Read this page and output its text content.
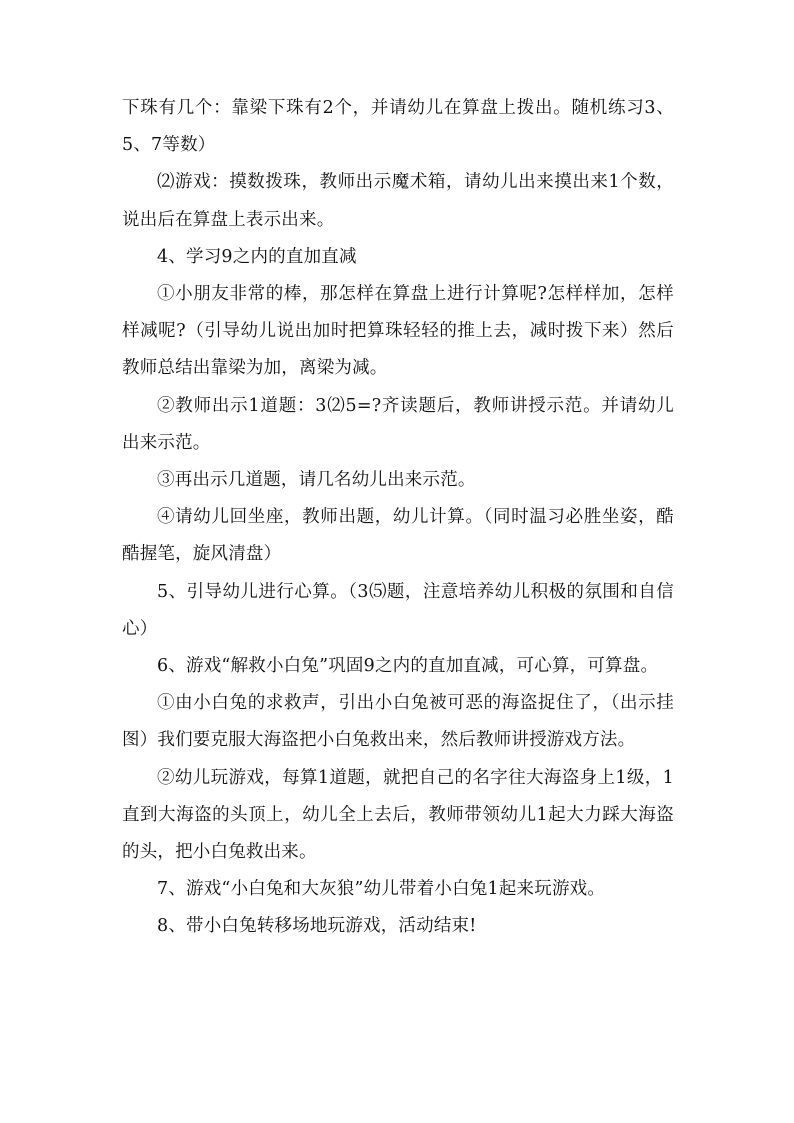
下珠有几个：靠梁下珠有2个，并请幼儿在算盘上拨出。随机练习3、5、7等数）

⑵游戏：摸数拨珠，教师出示魔术箱，请幼儿出来摸出来1个数，说出后在算盘上表示出来。

4、学习9之内的直加直减

①小朋友非常的棒，那怎样在算盘上进行计算呢?怎样样加，怎样样减呢?（引导幼儿说出加时把算珠轻轻的推上去，减时拨下来）然后教师总结出靠梁为加，离梁为减。

②教师出示1道题：3⑵5=?齐读题后，教师讲授示范。并请幼儿出来示范。

③再出示几道题，请几名幼儿出来示范。

④请幼儿回坐座，教师出题，幼儿计算。（同时温习必胜坐姿，酷酷握笔，旋风清盘）

5、引导幼儿进行心算。（3⑸题，注意培养幼儿积极的氛围和自信心）

6、游戏“解救小白兔”巩固9之内的直加直减，可心算，可算盘。

①由小白兔的求救声，引出小白兔被可恶的海盗捉住了，（出示挂图）我们要克服大海盗把小白兔救出来，然后教师讲授游戏方法。

②幼儿玩游戏，每算1道题，就把自己的名字往大海盗身上1级，1直到大海盗的头顶上，幼儿全上去后，教师带领幼儿1起大力踩大海盗的头，把小白兔救出来。

7、游戏“小白兔和大灰狼”幼儿带着小白兔1起来玩游戏。

8、带小白兔转移场地玩游戏，活动结束!
